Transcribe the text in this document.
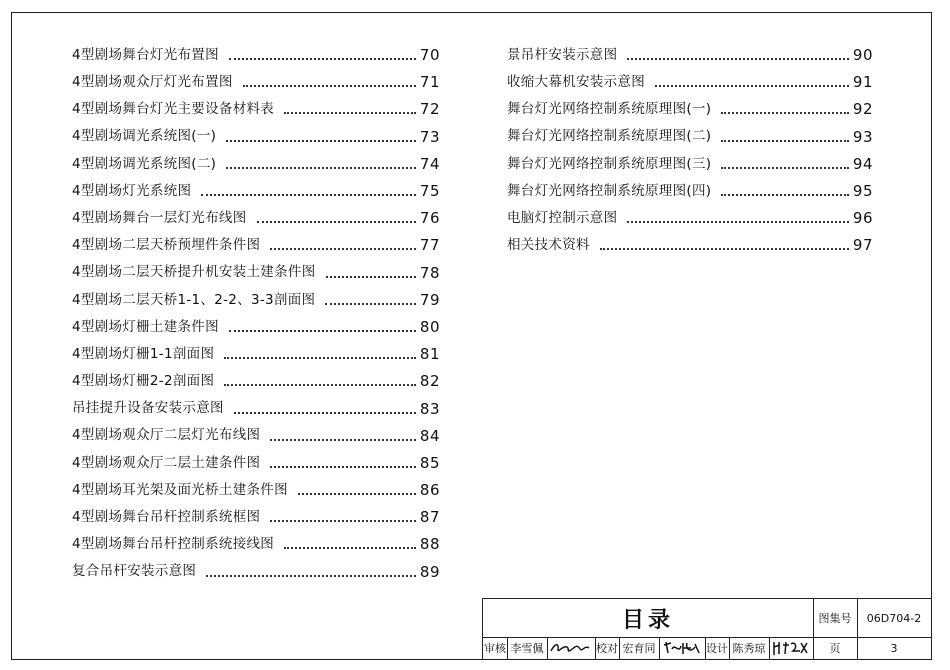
4型剧场舞台灯光布置图	70
4型剧场观众厅灯光布置图	71
4型剧场舞台灯光主要设备材料表	72
4型剧场调光系统图(一)	73
4型剧场调光系统图(二)	74
4型剧场灯光系统图	75
4型剧场舞台一层灯光布线图	76
4型剧场二层天桥预埋件条件图	77
4型剧场二层天桥提升机安装土建条件图	78
4型剧场二层天桥1-1、2-2、3-3剖面图	79
4型剧场灯栅土建条件图	80
4型剧场灯栅1-1剖面图	81
4型剧场灯栅2-2剖面图	82
吊挂提升设备安装示意图	83
4型剧场观众厅二层灯光布线图	84
4型剧场观众厅二层土建条件图	85
4型剧场耳光架及面光桥土建条件图	86
4型剧场舞台吊杆控制系统框图	87
4型剧场舞台吊杆控制系统接线图	88
复合吊杆安装示意图	89
景吊杆安装示意图	90
收缩大幕机安装示意图	91
舞台灯光网络控制系统原理图(一)	92
舞台灯光网络控制系统原理图(二)	93
舞台灯光网络控制系统原理图(三)	94
舞台灯光网络控制系统原理图(四)	95
电脑灯控制示意图	96
相关技术资料	97
目录	图集号	06D704-2
审核 李雪佩	校对 宏育同	设计 陈秀琼	页	3
